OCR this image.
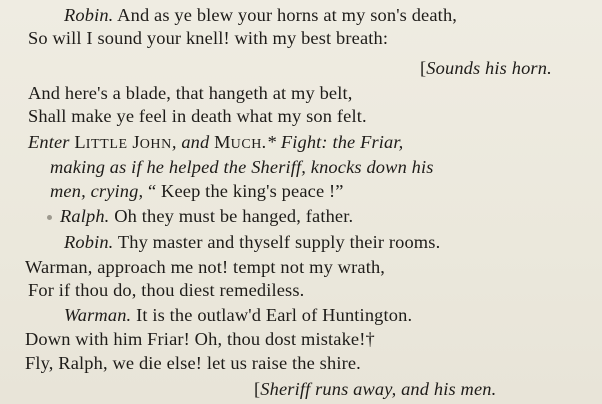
Robin. And as ye blew your horns at my son's death,
So will I sound your knell! with my best breath:
[Sounds his horn.
And here's a blade, that hangeth at my belt,
Shall make ye feel in death what my son felt.
Enter LITTLE JOHN, and MUCH.* Fight: the Friar,
making as if he helped the Sheriff, knocks down his
men, crying, “ Keep the king's peace !”
Ralph. Oh they must be hanged, father.
Robin. Thy master and thyself supply their rooms.
Warman, approach me not! tempt not my wrath,
For if thou do, thou diest remediless.
Warman. It is the outlaw'd Earl of Huntington.
Down with him Friar! Oh, thou dost mistake!†
Fly, Ralph, we die else! let us raise the shire.
[Sheriff runs away, and his men.
